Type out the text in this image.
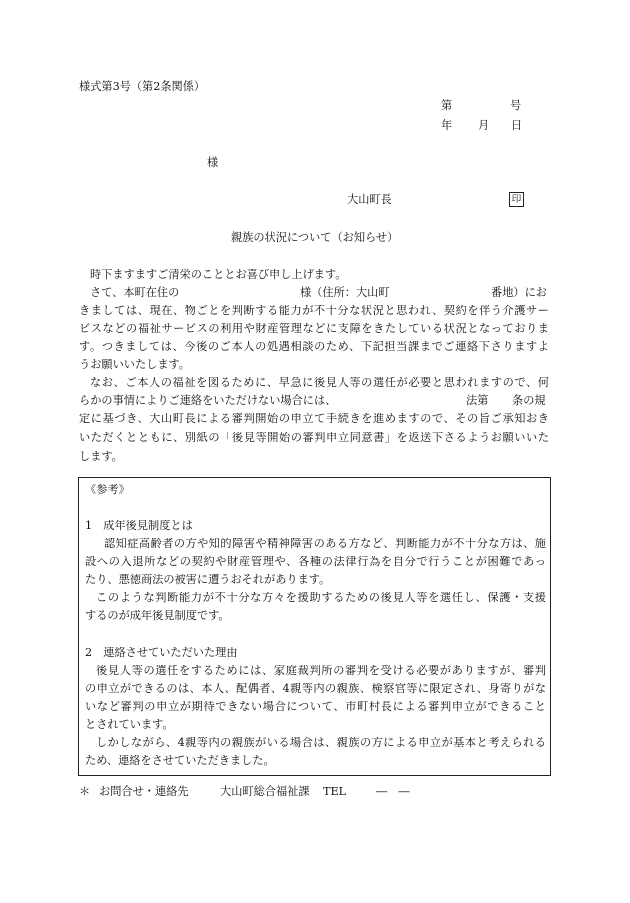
様式第3号（第2条関係）
第	号
年 月 日
様
大山町長	印
親族の状況について（お知らせ）
時下ますますご清栄のこととお喜び申し上げます。
さて、本町在住の	様（住所：大山町	番地）にお
きましては、現在、物ごとを判断する能力が不十分な状況と思われ、契約を伴う介護サー
ビスなどの福祉サービスの利用や財産管理などに支障をきたしている状況となっておりま
す。つきましては、今後のご本人の処遇相談のため、下記担当課までご連絡下さりますよ
うお願いいたします。
なお、ご本人の福祉を図るために、早急に後見人等の選任が必要と思われますので、何
らかの事情によりご連絡をいただけない場合には、	法第 条の規
定に基づき、大山町長による審判開始の申立て手続きを進めますので、その旨ご承知おき
いただくとともに、別紙の「後見等開始の審判申立同意書」を返送下さるようお願いいた
します。
《参考》
1　成年後見制度とは
認知症高齢者の方や知的障害や精神障害のある方など、判断能力が不十分な方は、施
設への入退所などの契約や財産管理や、各種の法律行為を自分で行うことが困難であっ
たり、悪徳商法の被害に遭うおそれがあります。
このような判断能力が不十分な方々を援助するための後見人等を選任し、保護・支援
するのが成年後見制度です。
2　連絡させていただいた理由
後見人等の選任をするためには、家庭裁判所の審判を受ける必要がありますが、審判
の申立ができるのは、本人、配偶者、4親等内の親族、検察官等に限定され、身寄りがな
いなど審判の申立が期待できない場合について、市町村長による審判申立ができること
とされています。
しかしながら、4親等内の親族がいる場合は、親族の方による申立が基本と考えられる
ため、連絡をさせていただきました。
＊ お問合せ・連絡先	大山町総合福祉課 TEL	―　―
